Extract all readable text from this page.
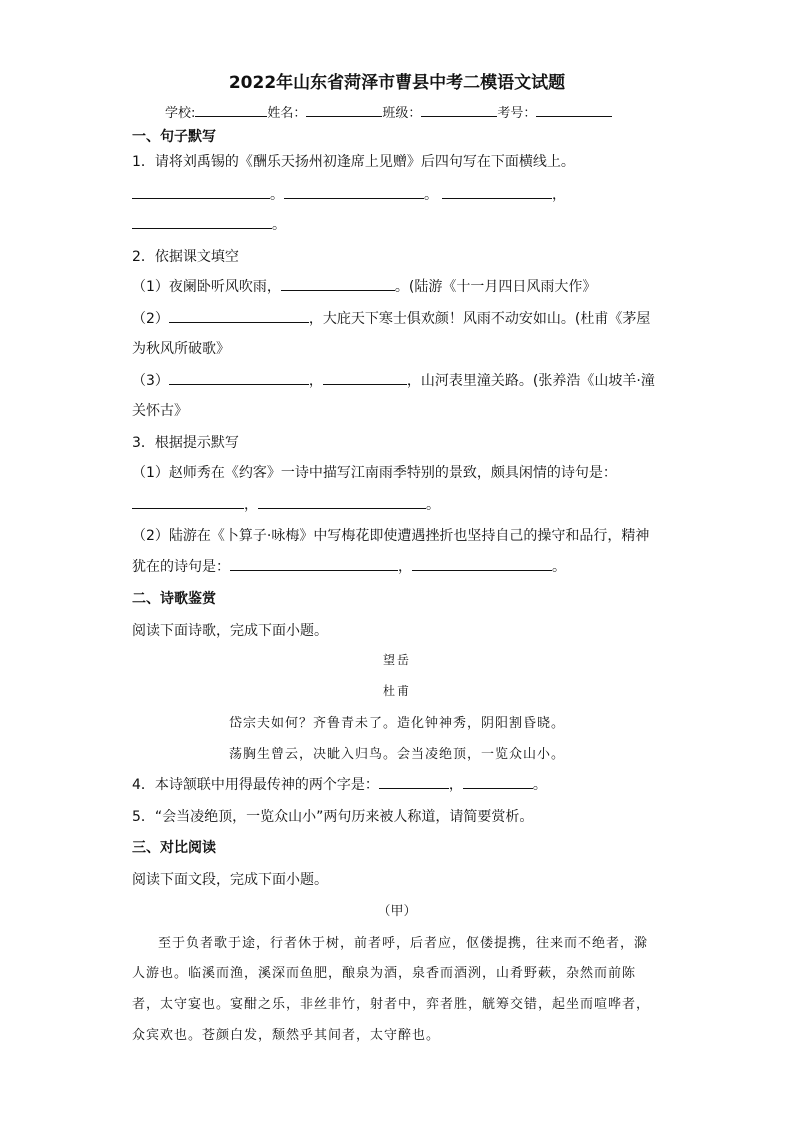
2022年山东省菏泽市曹县中考二模语文试题
学校:	姓名：	班级：	考号：
一、句子默写
1．请将刘禹锡的《酬乐天扬州初逢席上见赠》后四句写在下面横线上。
。	。	，
。
2．依据课文填空
（1）夜阑卧听风吹雨，	。(陆游《十一月四日风雨大作》
（2）	，大庇天下寒士俱欢颜！风雨不动安如山。(杜甫《茅屋
为秋风所破歌》
（3）	，	，山河表里潼关路。(张养浩《山坡羊·潼
关怀古》
3．根据提示默写
（1）赵师秀在《约客》一诗中描写江南雨季特别的景致，颇具闲情的诗句是：
，	。
（2）陆游在《卜算子·咏梅》中写梅花即使遭遇挫折也坚持自己的操守和品行，精神
犹在的诗句是：	，	。
二、诗歌鉴赏
阅读下面诗歌，完成下面小题。
望岳
杜甫
岱宗夫如何？齐鲁青未了。造化钟神秀，阴阳割昏晓。
荡胸生曾云，决眦入归鸟。会当凌绝顶，一览众山小。
4．本诗颔联中用得最传神的两个字是：	，	。
5．“会当凌绝顶，一览众山小”两句历来被人称道，请简要赏析。
三、对比阅读
阅读下面文段，完成下面小题。
（甲）
至于负者歌于途，行者休于树，前者呼，后者应，伛偻提携，往来而不绝者，滁
人游也。临溪而渔，溪深而鱼肥，酿泉为酒，泉香而酒洌，山肴野蔌，杂然而前陈
者，太守宴也。宴酣之乐，非丝非竹，射者中，弈者胜，觥筹交错，起坐而喧哗者，
众宾欢也。苍颜白发，颓然乎其间者，太守醉也。
